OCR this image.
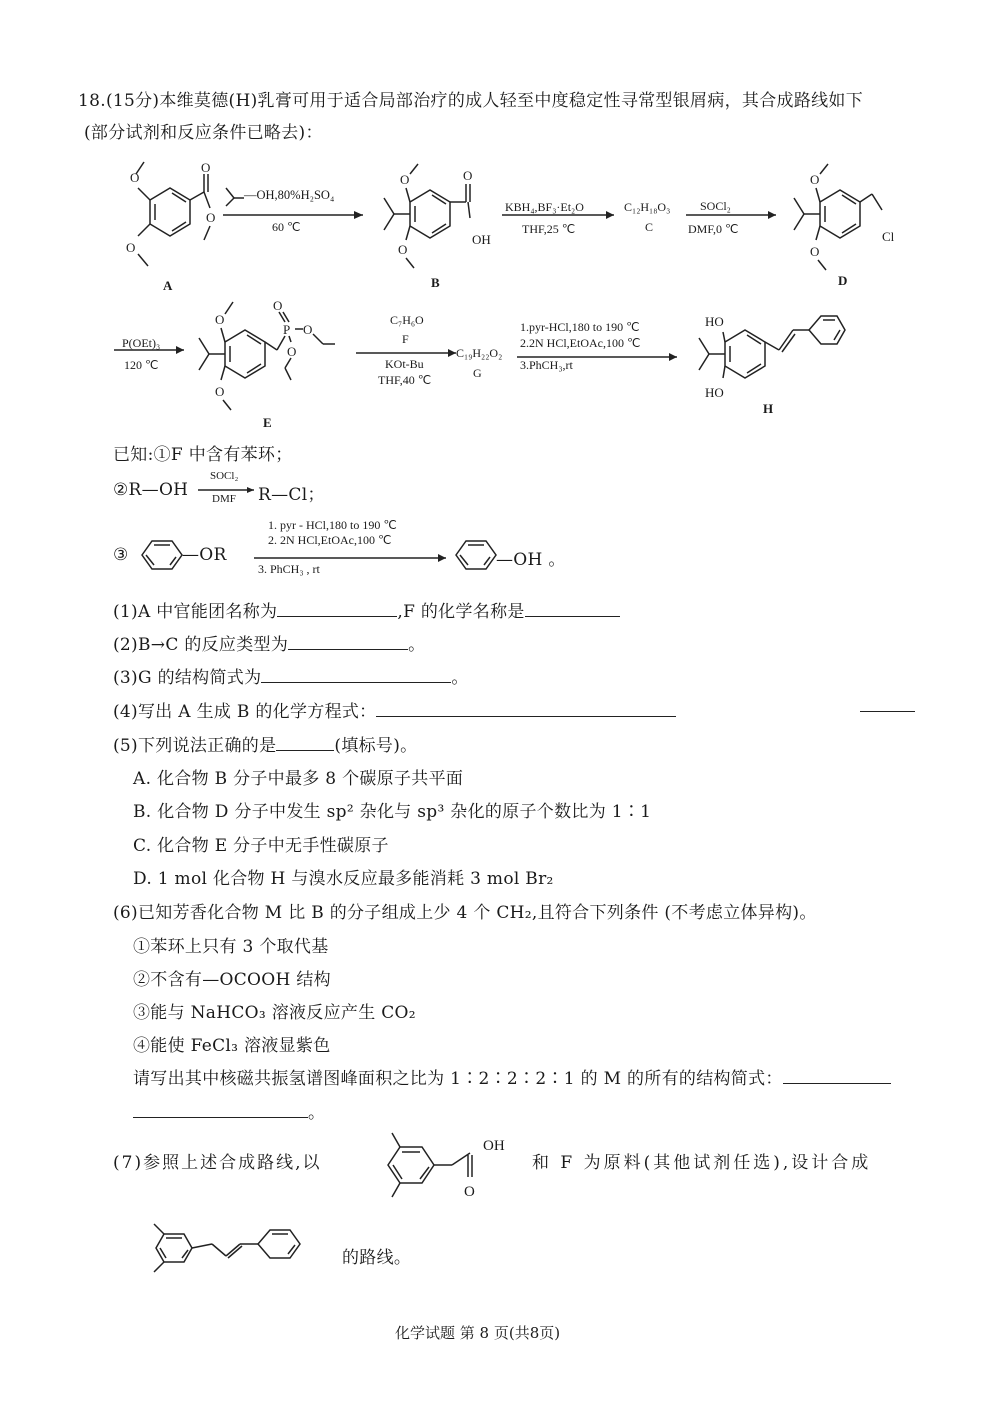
18.(15分)本维莫德(H)乳膏可用于适合局部治疗的成人轻至中度稳定性寻常型银屑病，其合成路线如下
(部分试剂和反应条件已略去)：
O
O
O
O
A
—OH,80%H₂SO₄
60 ℃
O
O
O
OH
B
KBH₄,BF₃·Et₂O
THF,25 ℃
C₁₂H₁₈O₃
C
SOCl₂
DMF,0 ℃
O
O
Cl
D
P(OEt)₃
120 ℃
O
O
P
O
O
O
E
C₇H₆O
F
KOt-Bu
THF,40 ℃
C₁₉H₂₂O₂
G
1.pyr-HCl,180 to 190 ℃
2.2N HCl,EtOAc,100 ℃
3.PhCH₃,rt
HO
HO
H
已知:①F 中含有苯环；
②R—OH
SOCl₂
DMF R—Cl；
③	—OR
1. pyr - HCl,180 to 190 ℃
2. 2N HCl,EtOAc,100 ℃
3. PhCH₃ , rt	—OH 。
(1)A 中官能团名称为	,F 的化学名称是
(2)B→C 的反应类型为	。
(3)G 的结构简式为	。
(4)写出 A 生成 B 的化学方程式：
(5)下列说法正确的是	(填标号)。
A. 化合物 B 分子中最多 8 个碳原子共平面
B. 化合物 D 分子中发生 sp² 杂化与 sp³ 杂化的原子个数比为 1∶1
C. 化合物 E 分子中无手性碳原子
D. 1 mol 化合物 H 与溴水反应最多能消耗 3 mol Br₂
(6)已知芳香化合物 M 比 B 的分子组成上少 4 个 CH₂,且符合下列条件 (不考虑立体异构)。
①苯环上只有 3 个取代基
②不含有—OCOOH 结构
③能与 NaHCO₃ 溶液反应产生 CO₂
④能使 FeCl₃ 溶液显紫色
请写出其中核磁共振氢谱图峰面积之比为 1∶2∶2∶2∶1 的 M 的所有的结构简式：
。
(7)参照上述合成路线,以
OH
O
和 F 为原料(其他试剂任选),设计合成
的路线。
化学试题 第 8 页(共8页)
